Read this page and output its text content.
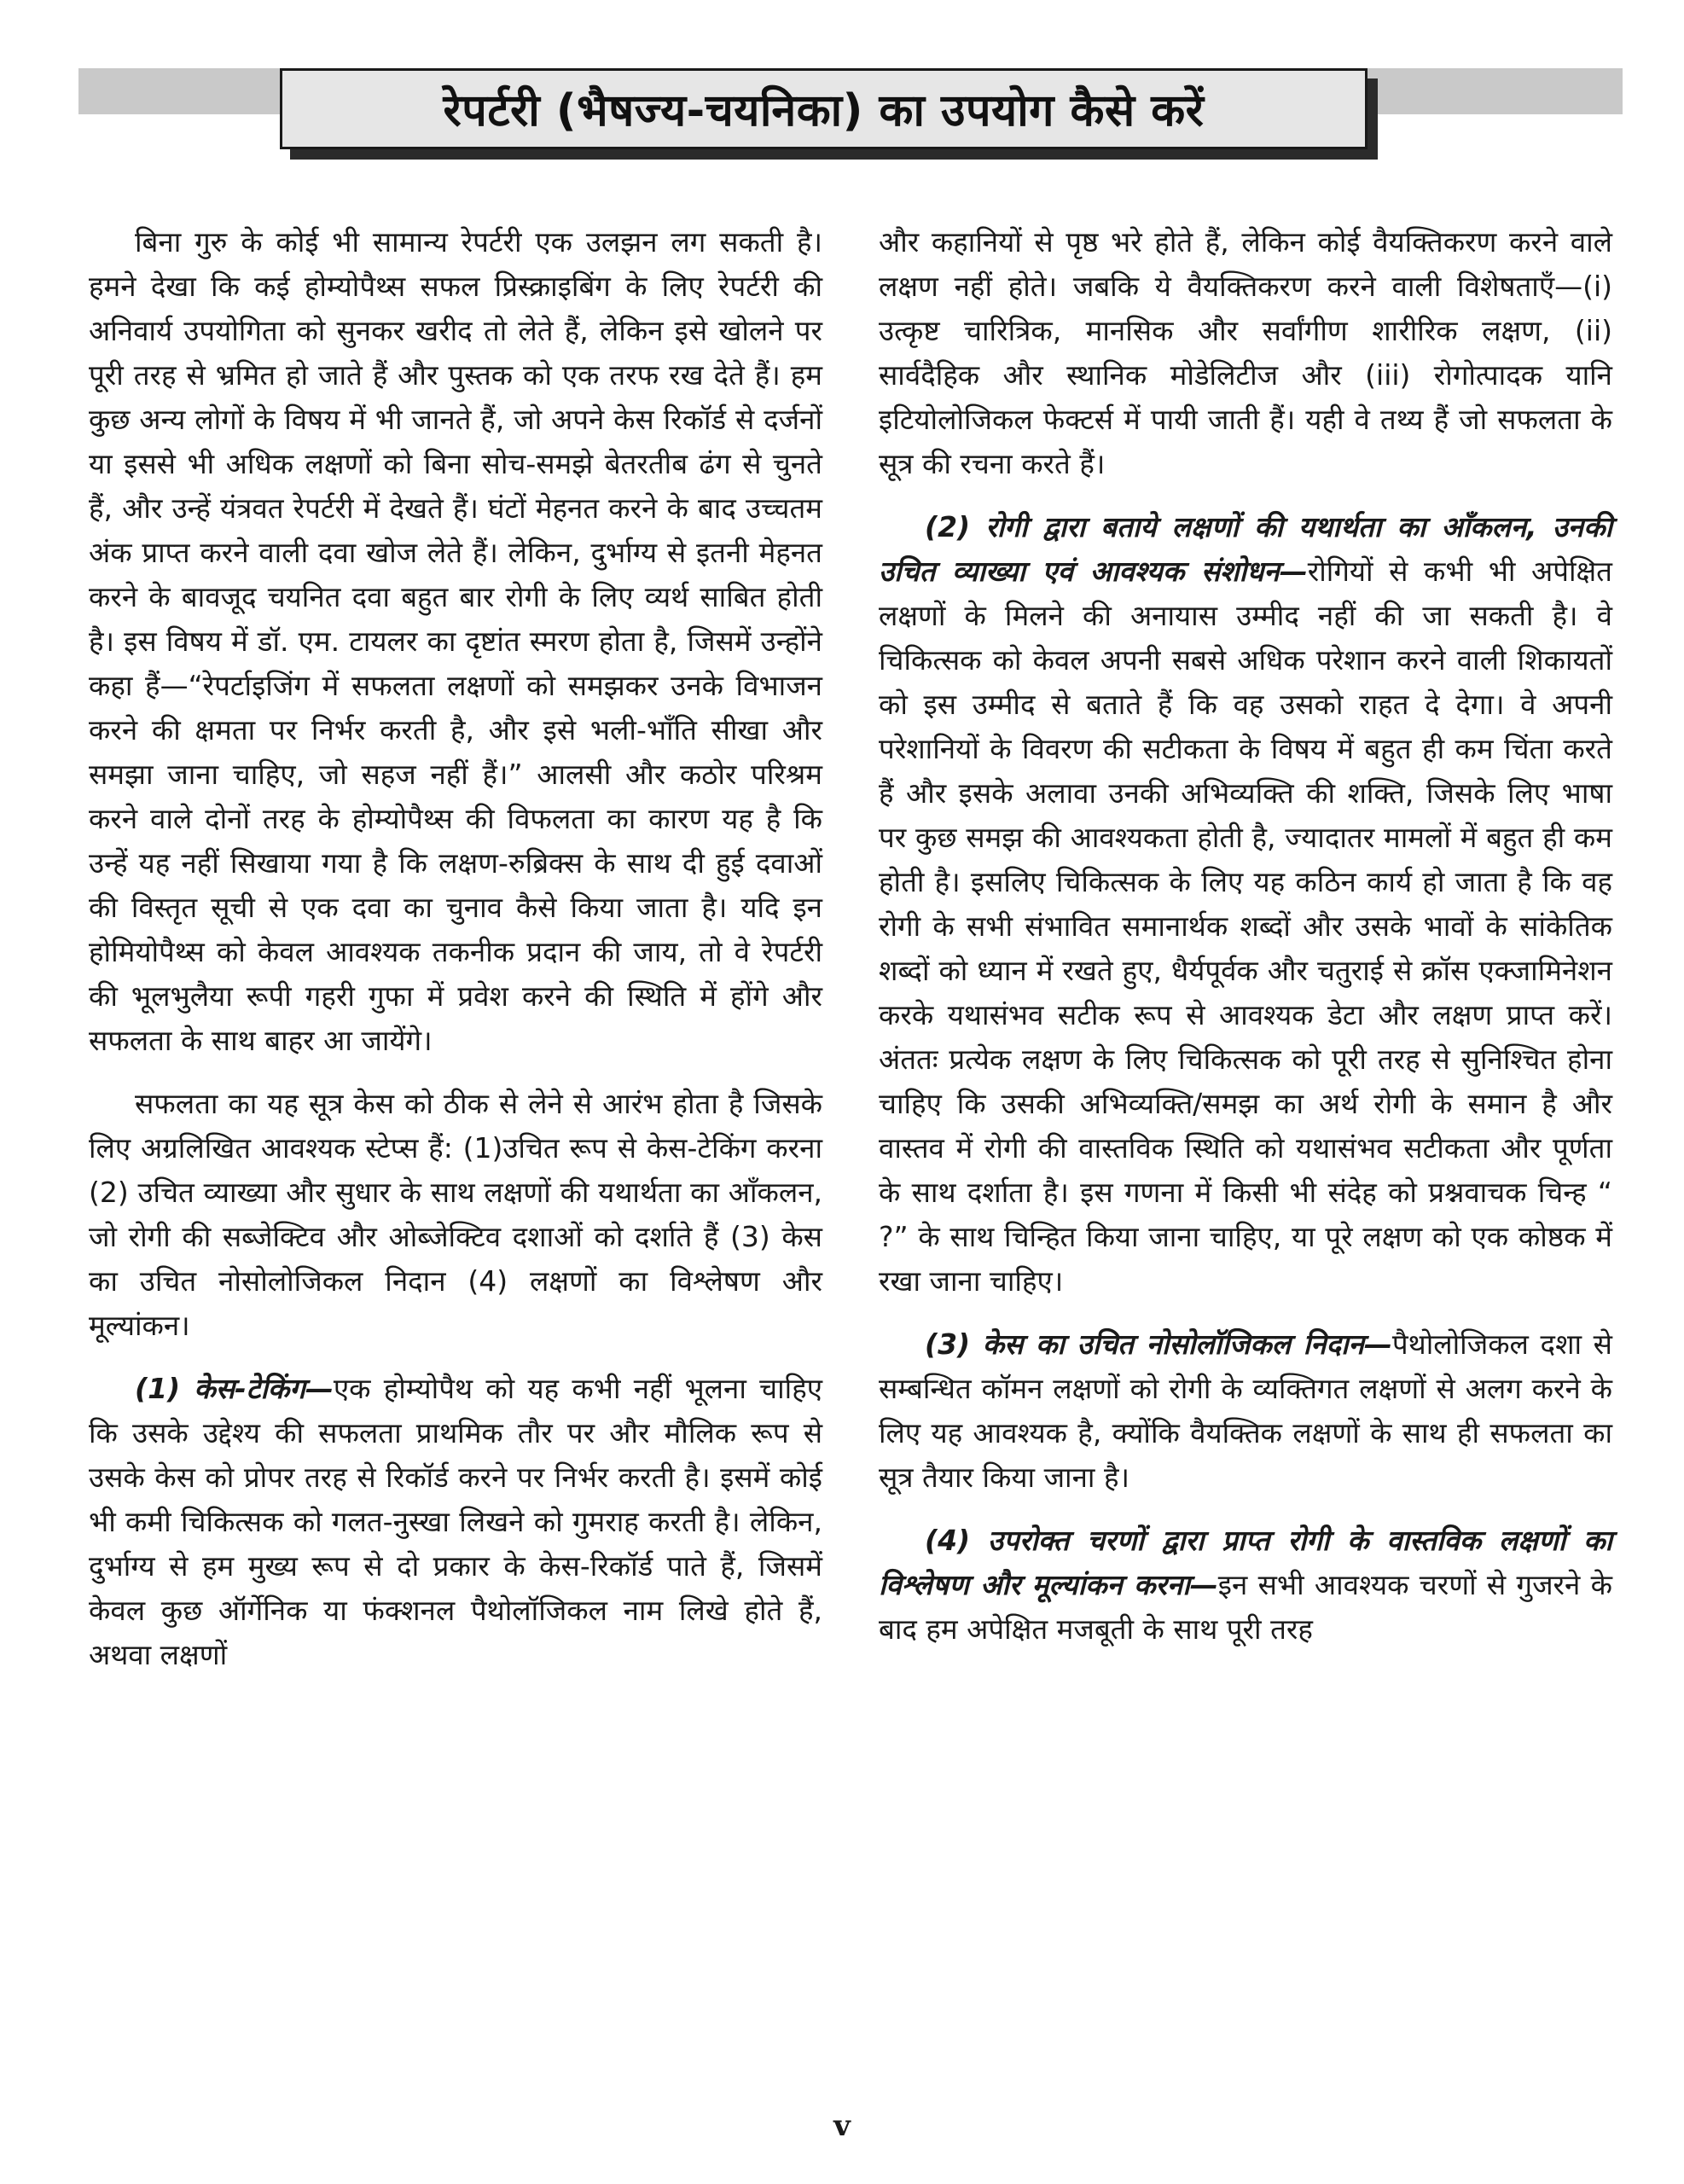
रेपर्टरी (भैषज्य-चयनिका) का उपयोग कैसे करें

बिना गुरु के कोई भी सामान्य रेपर्टरी एक उलझन लग सकती है। हमने देखा कि कई होम्योपैथ्स सफल प्रिस्क्राइबिंग के लिए रेपर्टरी की अनिवार्य उपयोगिता को सुनकर खरीद तो लेते हैं, लेकिन इसे खोलने पर पूरी तरह से भ्रमित हो जाते हैं और पुस्तक को एक तरफ रख देते हैं। हम कुछ अन्य लोगों के विषय में भी जानते हैं, जो अपने केस रिकॉर्ड से दर्जनों या इससे भी अधिक लक्षणों को बिना सोच-समझे बेतरतीब ढंग से चुनते हैं, और उन्हें यंत्रवत रेपर्टरी में देखते हैं। घंटों मेहनत करने के बाद उच्चतम अंक प्राप्त करने वाली दवा खोज लेते हैं। लेकिन, दुर्भाग्य से इतनी मेहनत करने के बावजूद चयनित दवा बहुत बार रोगी के लिए व्यर्थ साबित होती है। इस विषय में डॉ. एम. टायलर का दृष्टांत स्मरण होता है, जिसमें उन्होंने कहा हैं—“रेपर्टाइजिंग में सफलता लक्षणों को समझकर उनके विभाजन करने की क्षमता पर निर्भर करती है, और इसे भली-भाँति सीखा और समझा जाना चाहिए, जो सहज नहीं हैं।” आलसी और कठोर परिश्रम करने वाले दोनों तरह के होम्योपैथ्स की विफलता का कारण यह है कि उन्हें यह नहीं सिखाया गया है कि लक्षण-रुब्रिक्स के साथ दी हुई दवाओं की विस्तृत सूची से एक दवा का चुनाव कैसे किया जाता है। यदि इन होमियोपैथ्स को केवल आवश्यक तकनीक प्रदान की जाय, तो वे रेपर्टरी की भूलभुलैया रूपी गहरी गुफा में प्रवेश करने की स्थिति में होंगे और सफलता के साथ बाहर आ जायेंगे।

सफलता का यह सूत्र केस को ठीक से लेने से आरंभ होता है जिसके लिए अग्रलिखित आवश्यक स्टेप्स हैं: (1)उचित रूप से केस-टेकिंग करना (2) उचित व्याख्या और सुधार के साथ लक्षणों की यथार्थता का आँकलन, जो रोगी की सब्जेक्टिव और ओब्जेक्टिव दशाओं को दर्शाते हैं (3) केस का उचित नोसोलोजिकल निदान (4) लक्षणों का विश्लेषण और मूल्यांकन।

(1) केस-टेकिंग—एक होम्योपैथ को यह कभी नहीं भूलना चाहिए कि उसके उद्देश्य की सफलता प्राथमिक तौर पर और मौलिक रूप से उसके केस को प्रोपर तरह से रिकॉर्ड करने पर निर्भर करती है। इसमें कोई भी कमी चिकित्सक को गलत-नुस्खा लिखने को गुमराह करती है। लेकिन, दुर्भाग्य से हम मुख्य रूप से दो प्रकार के केस-रिकॉर्ड पाते हैं, जिसमें केवल कुछ ऑर्गेनिक या फंक्शनल पैथोलॉजिकल नाम लिखे होते हैं, अथवा लक्षणों

और कहानियों से पृष्ठ भरे होते हैं, लेकिन कोई वैयक्तिकरण करने वाले लक्षण नहीं होते। जबकि ये वैयक्तिकरण करने वाली विशेषताएँ—(i) उत्कृष्ट चारित्रिक, मानसिक और सर्वांगीण शारीरिक लक्षण, (ii) सार्वदैहिक और स्थानिक मोडेलिटीज और (iii) रोगोत्पादक यानि इटियोलोजिकल फेक्टर्स में पायी जाती हैं। यही वे तथ्य हैं जो सफलता के सूत्र की रचना करते हैं।

(2) रोगी द्वारा बताये लक्षणों की यथार्थता का आँकलन, उनकी उचित व्याख्या एवं आवश्यक संशोधन—रोगियों से कभी भी अपेक्षित लक्षणों के मिलने की अनायास उम्मीद नहीं की जा सकती है। वे चिकित्सक को केवल अपनी सबसे अधिक परेशान करने वाली शिकायतों को इस उम्मीद से बताते हैं कि वह उसको राहत दे देगा। वे अपनी परेशानियों के विवरण की सटीकता के विषय में बहुत ही कम चिंता करते हैं और इसके अलावा उनकी अभिव्यक्ति की शक्ति, जिसके लिए भाषा पर कुछ समझ की आवश्यकता होती है, ज्यादातर मामलों में बहुत ही कम होती है। इसलिए चिकित्सक के लिए यह कठिन कार्य हो जाता है कि वह रोगी के सभी संभावित समानार्थक शब्दों और उसके भावों के सांकेतिक शब्दों को ध्यान में रखते हुए, धैर्यपूर्वक और चतुराई से क्रॉस एक्जामिनेशन करके यथासंभव सटीक रूप से आवश्यक डेटा और लक्षण प्राप्त करें। अंततः प्रत्येक लक्षण के लिए चिकित्सक को पूरी तरह से सुनिश्चित होना चाहिए कि उसकी अभिव्यक्ति/समझ का अर्थ रोगी के समान है और वास्तव में रोगी की वास्तविक स्थिति को यथासंभव सटीकता और पूर्णता के साथ दर्शाता है। इस गणना में किसी भी संदेह को प्रश्नवाचक चिन्ह “ ?” के साथ चिन्हित किया जाना चाहिए, या पूरे लक्षण को एक कोष्ठक में रखा जाना चाहिए।

(3) केस का उचित नोसोलॉजिकल निदान—पैथोलोजिकल दशा से सम्बन्धित कॉमन लक्षणों को रोगी के व्यक्तिगत लक्षणों से अलग करने के लिए यह आवश्यक है, क्योंकि वैयक्तिक लक्षणों के साथ ही सफलता का सूत्र तैयार किया जाना है।

(4) उपरोक्त चरणों द्वारा प्राप्त रोगी के वास्तविक लक्षणों का विश्लेषण और मूल्यांकन करना—इन सभी आवश्यक चरणों से गुजरने के बाद हम अपेक्षित मजबूती के साथ पूरी तरह

v
